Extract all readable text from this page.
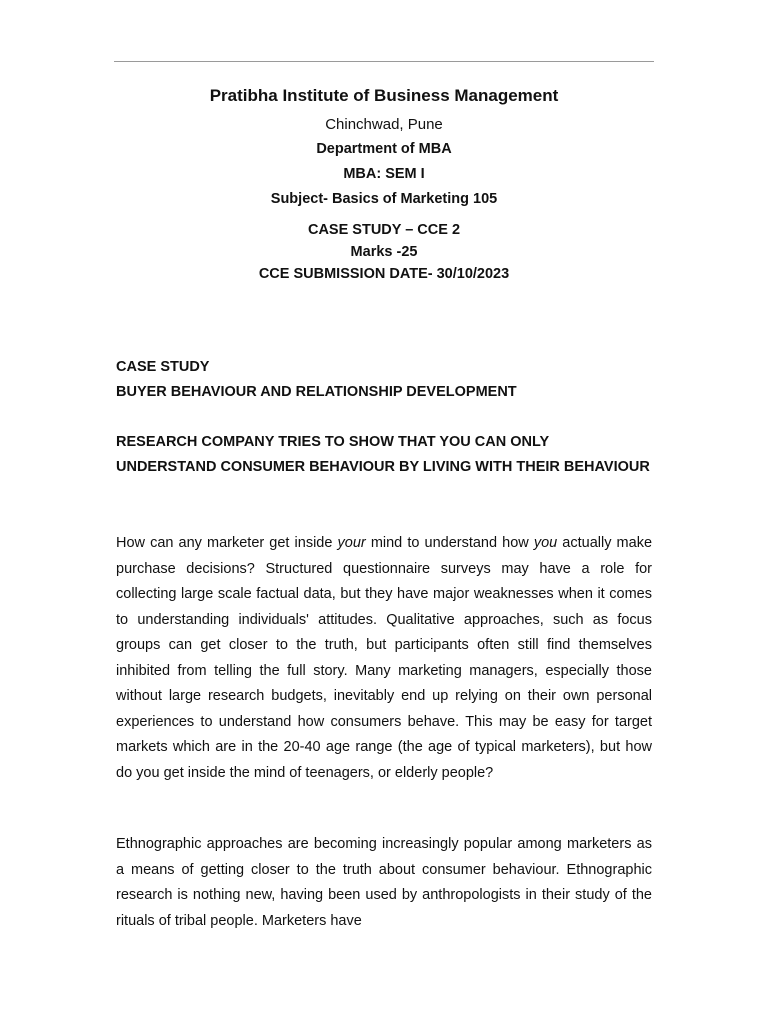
Pratibha Institute of Business Management
Chinchwad, Pune
Department of MBA
MBA: SEM I
Subject- Basics of Marketing 105
CASE STUDY – CCE 2
Marks -25
CCE SUBMISSION DATE- 30/10/2023
CASE STUDY
BUYER BEHAVIOUR AND RELATIONSHIP DEVELOPMENT
RESEARCH COMPANY TRIES TO SHOW THAT YOU CAN ONLY UNDERSTAND CONSUMER BEHAVIOUR BY LIVING WITH THEIR BEHAVIOUR

How can any marketer get inside your mind to understand how you actually make purchase decisions? Structured questionnaire surveys may have a role for collecting large scale factual data, but they have major weaknesses when it comes to understanding individuals' attitudes. Qualitative approaches, such as focus groups can get closer to the truth, but participants often still find themselves inhibited from telling the full story. Many marketing managers, especially those without large research budgets, inevitably end up relying on their own personal experiences to understand how consumers behave. This may be easy for target markets which are in the 20-40 age range (the age of typical marketers), but how do you get inside the mind of teenagers, or elderly people?

Ethnographic approaches are becoming increasingly popular among marketers as a means of getting closer to the truth about consumer behaviour. Ethnographic research is nothing new, having been used by anthropologists in their study of the rituals of tribal people. Marketers have
